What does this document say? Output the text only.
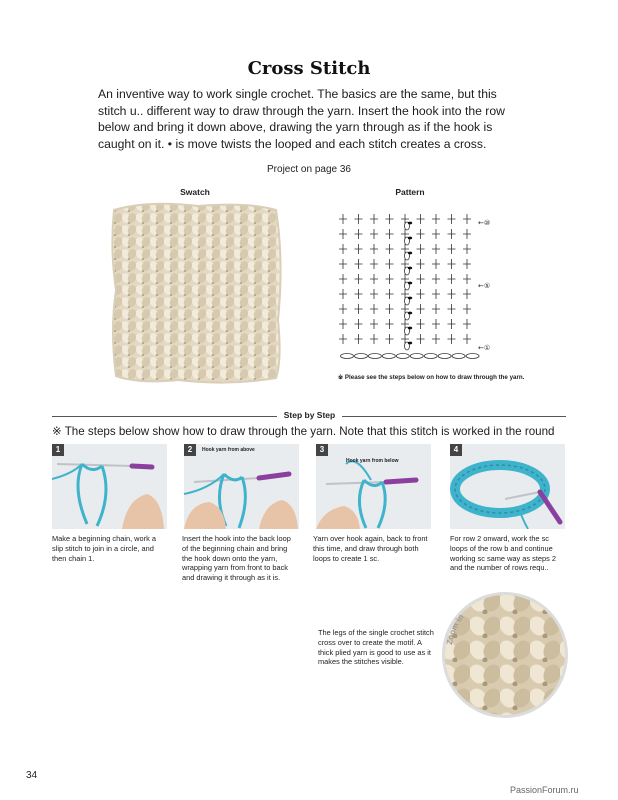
Cross Stitch
An inventive way to work single crochet. The basics are the same, but this stitch u.. different way to draw through the yarn. Insert the hook into the row below and bring it down above, drawing the yarn through as if the hook is caught on it. • is move twists the looped and each stitch creates a cross.
Project on page 36
Swatch	Pattern
←⑩
←⑤
←①
※ Please see the steps below on how to draw through the yarn.
Step by Step
※ The steps below show how to draw through the yarn. Note that this stitch is worked in the round
1
Make a beginning chain, work a slip stitch to join in a circle, and then chain 1.
2	Hook yarn from above
Insert the hook into the back loop of the beginning chain and bring the hook down onto the yarn, wrapping yarn from front to back and drawing it through as it is.
3
Hook yarn from below
Yarn over hook again, back to front this time, and draw through both loops to create 1 sc.
4
For row 2 onward, work the sc loops of the row b and continue working sc same way as steps 2 and the number of rows requ..
The legs of the single crochet stitch cross over to create the motif. A thick plied yarn is good to use as it makes the stitches visible.
Zoom in
34
PassionForum.ru
